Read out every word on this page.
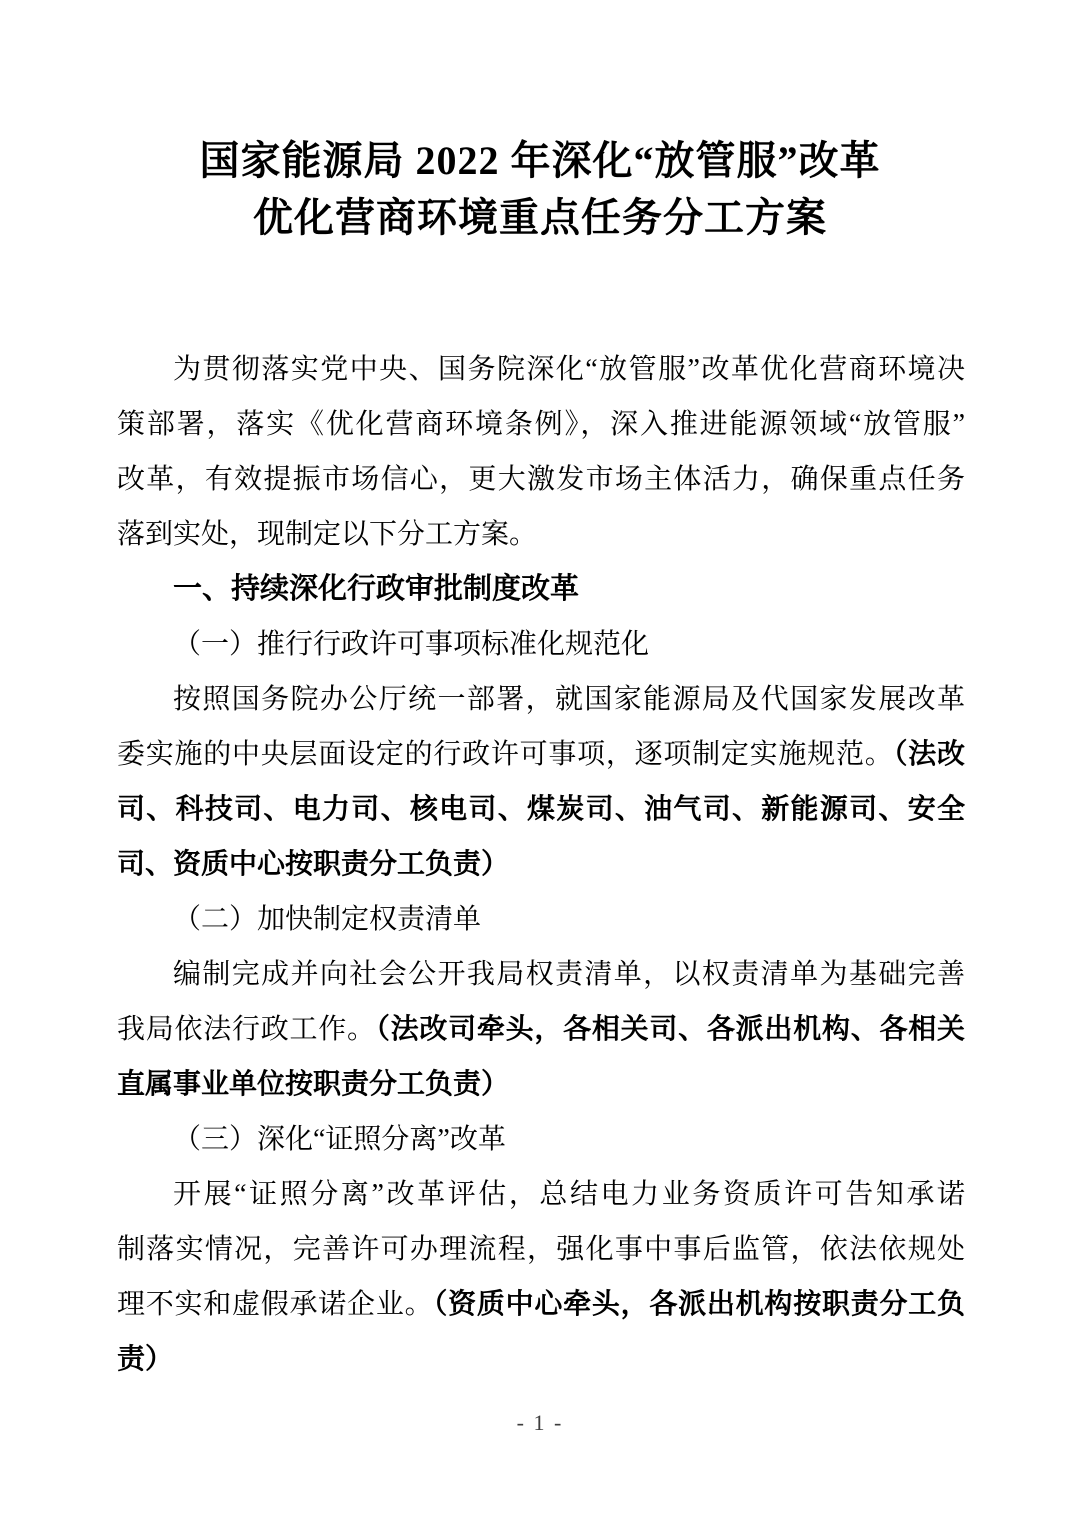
国家能源局 2022 年深化“放管服”改革
优化营商环境重点任务分工方案
为贯彻落实党中央、国务院深化“放管服”改革优化营商环境决
策部署，落实《优化营商环境条例》，深入推进能源领域“放管服”
改革，有效提振市场信心，更大激发市场主体活力，确保重点任务
落到实处，现制定以下分工方案。
一、持续深化行政审批制度改革
（一）推行行政许可事项标准化规范化
按照国务院办公厅统一部署，就国家能源局及代国家发展改革
委实施的中央层面设定的行政许可事项，逐项制定实施规范。（法改
司、科技司、电力司、核电司、煤炭司、油气司、新能源司、安全
司、资质中心按职责分工负责）
（二）加快制定权责清单
编制完成并向社会公开我局权责清单，以权责清单为基础完善
我局依法行政工作。（法改司牵头，各相关司、各派出机构、各相关
直属事业单位按职责分工负责）
（三）深化“证照分离”改革
开展“证照分离”改革评估，总结电力业务资质许可告知承诺
制落实情况，完善许可办理流程，强化事中事后监管，依法依规处
理不实和虚假承诺企业。（资质中心牵头，各派出机构按职责分工负
责）
- 1 -
